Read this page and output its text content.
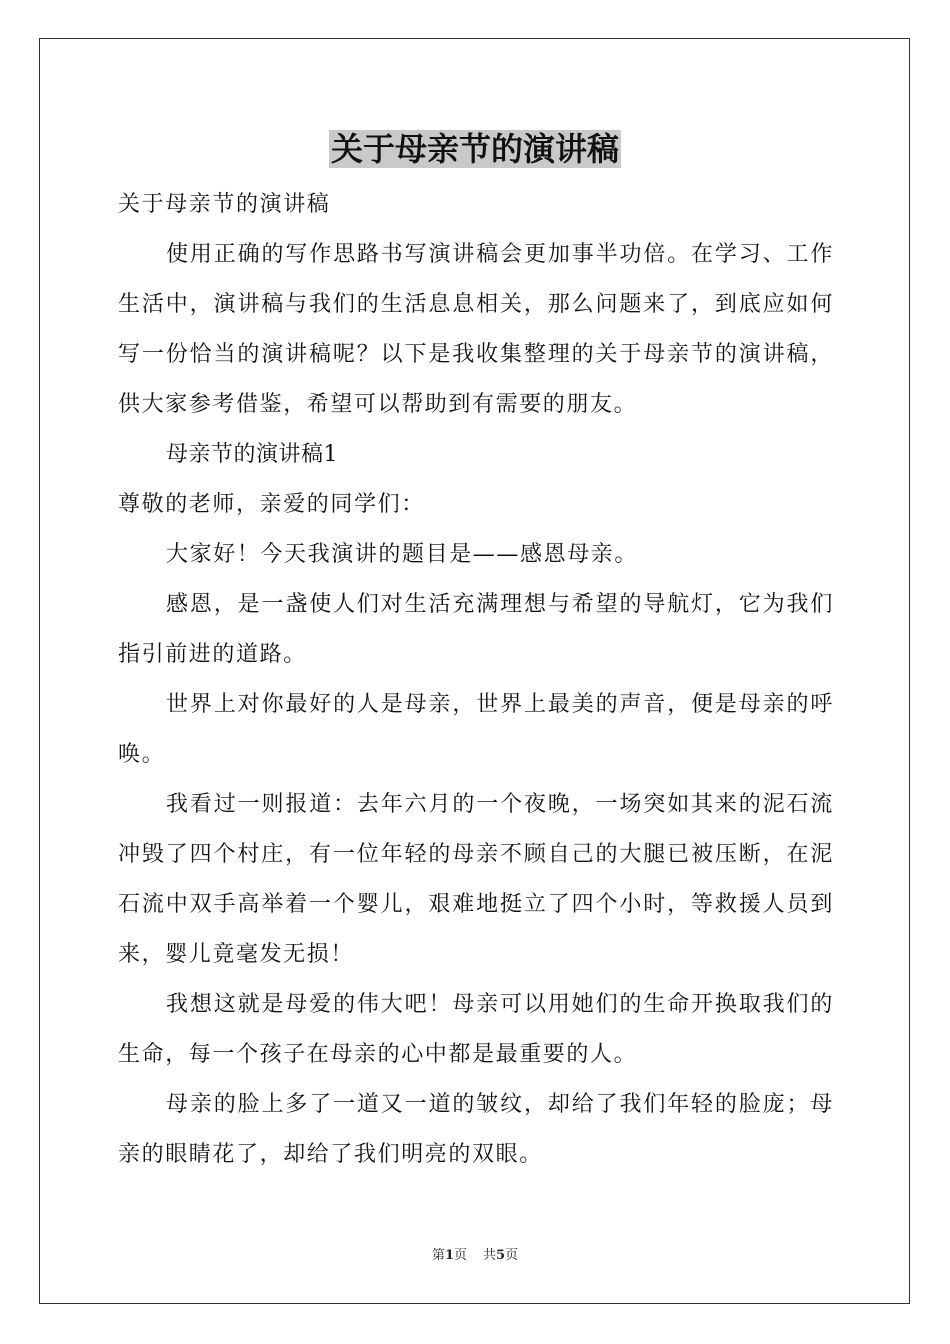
关于母亲节的演讲稿

关于母亲节的演讲稿

使用正确的写作思路书写演讲稿会更加事半功倍。在学习、工作生活中，演讲稿与我们的生活息息相关，那么问题来了，到底应如何写一份恰当的演讲稿呢？以下是我收集整理的关于母亲节的演讲稿，供大家参考借鉴，希望可以帮助到有需要的朋友。

母亲节的演讲稿1

尊敬的老师，亲爱的同学们：

大家好！今天我演讲的题目是——感恩母亲。

感恩，是一盏使人们对生活充满理想与希望的导航灯，它为我们指引前进的道路。

世界上对你最好的人是母亲，世界上最美的声音，便是母亲的呼唤。

我看过一则报道：去年六月的一个夜晚，一场突如其来的泥石流冲毁了四个村庄，有一位年轻的母亲不顾自己的大腿已被压断，在泥石流中双手高举着一个婴儿，艰难地挺立了四个小时，等救援人员到来，婴儿竟毫发无损！

我想这就是母爱的伟大吧！母亲可以用她们的生命开换取我们的生命，每一个孩子在母亲的心中都是最重要的人。

母亲的脸上多了一道又一道的皱纹，却给了我们年轻的脸庞；母亲的眼睛花了，却给了我们明亮的双眼。

第1页 共5页
